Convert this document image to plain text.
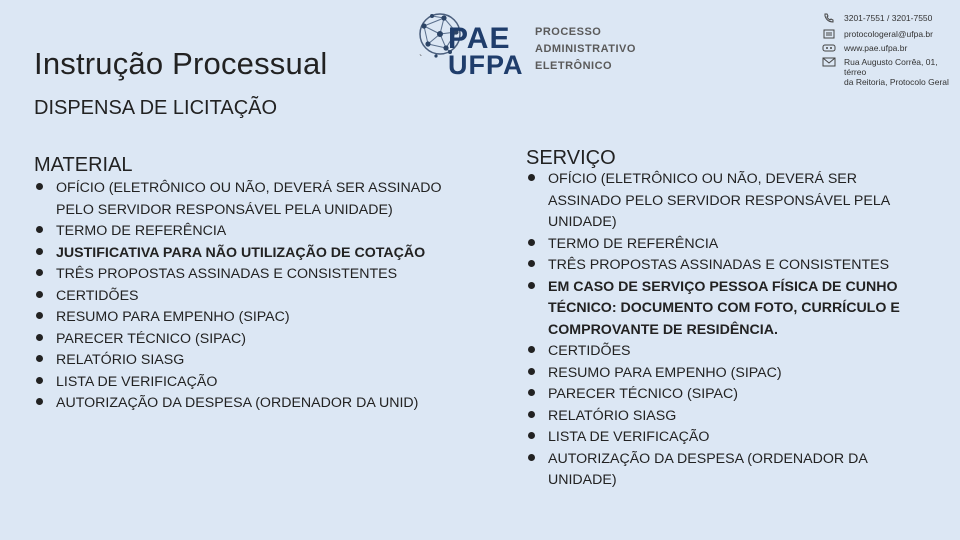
Instrução Processual
DISPENSA DE LICITAÇÃO
PAE
UFPA
PROCESSO
ADMINISTRATIVO
ELETRÔNICO
`
3201-7551 / 3201-7550
protocologeral@ufpa.br
www.pae.ufpa.br
Rua Augusto Corrêa, 01, térreo
da Reitoria, Protocolo Geral
MATERIAL
OFÍCIO (ELETRÔNICO OU NÃO, DEVERÁ SER ASSINADO PELO SERVIDOR RESPONSÁVEL PELA UNIDADE)
TERMO DE REFERÊNCIA
JUSTIFICATIVA PARA NÃO UTILIZAÇÃO DE COTAÇÃO
TRÊS PROPOSTAS ASSINADAS E CONSISTENTES
CERTIDÕES
RESUMO PARA EMPENHO (SIPAC)
PARECER TÉCNICO (SIPAC)
RELATÓRIO SIASG
LISTA DE VERIFICAÇÃO
AUTORIZAÇÃO DA DESPESA (ORDENADOR DA UNID)
SERVIÇO
OFÍCIO (ELETRÔNICO OU NÃO, DEVERÁ SER ASSINADO PELO SERVIDOR RESPONSÁVEL PELA UNIDADE)
TERMO DE REFERÊNCIA
TRÊS PROPOSTAS ASSINADAS E CONSISTENTES
EM CASO DE SERVIÇO PESSOA FÍSICA DE CUNHO TÉCNICO: DOCUMENTO COM FOTO, CURRÍCULO E COMPROVANTE DE RESIDÊNCIA.
CERTIDÕES
RESUMO PARA EMPENHO (SIPAC)
PARECER TÉCNICO (SIPAC)
RELATÓRIO SIASG
LISTA DE VERIFICAÇÃO
AUTORIZAÇÃO DA DESPESA (ORDENADOR DA UNIDADE)
